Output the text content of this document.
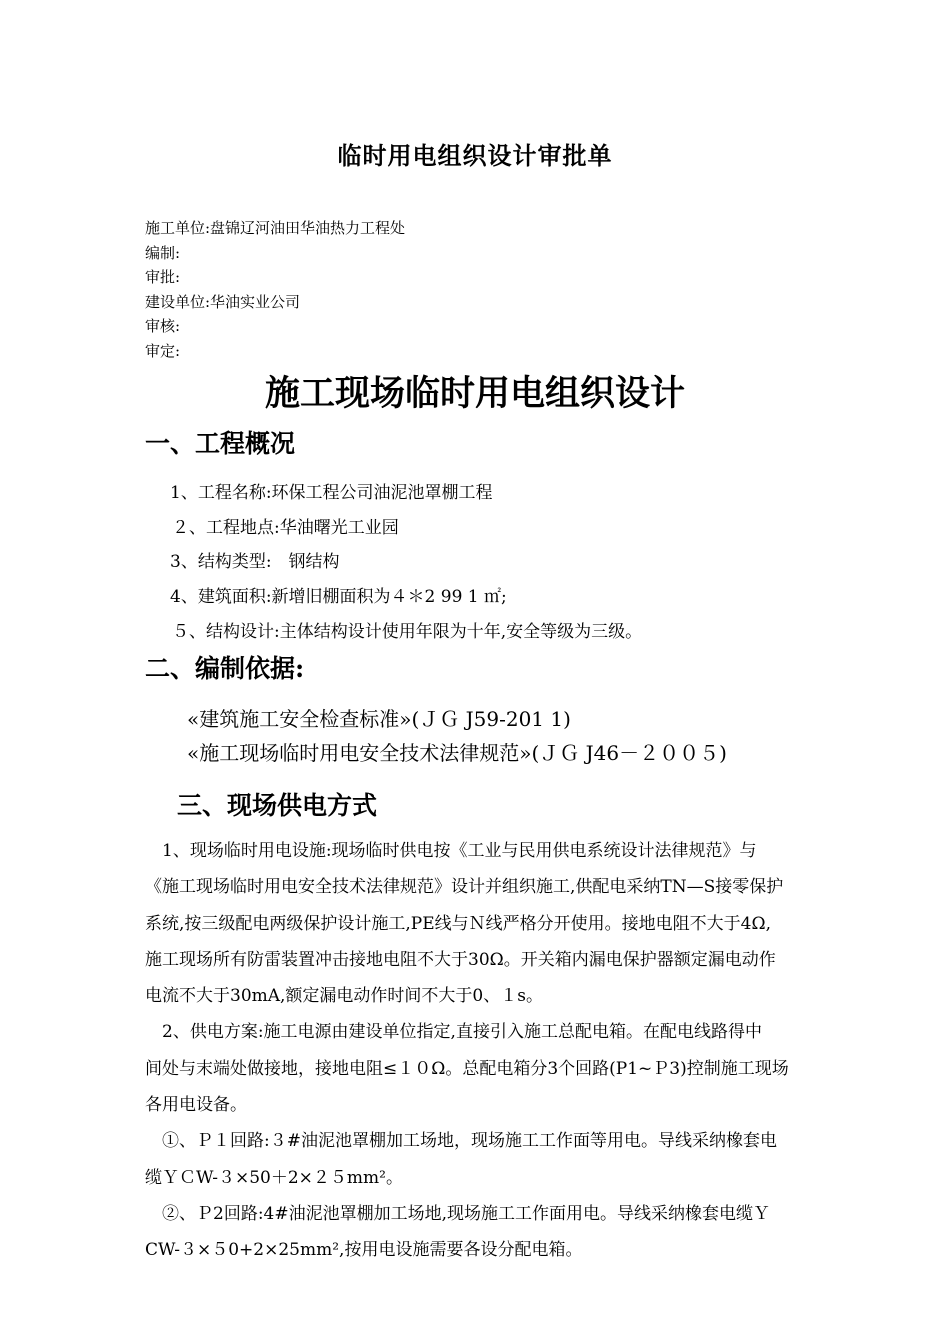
临时用电组织设计审批单
施工单位:盘锦辽河油田华油热力工程处
编制:
审批:
建设单位:华油实业公司
审核:
审定:
施工现场临时用电组织设计
一、工程概况
1、工程名称:环保工程公司油泥池罩棚工程
２、工程地点:华油曙光工业园
3、结构类型:　钢结构
4、建筑面积:新增旧棚面积为４＊2 99 1 ㎡;
５、结构设计:主体结构设计使用年限为十年,安全等级为三级。
二、编制依据:
«建筑施工安全检查标准»(ＪＧ J59-201 1)
«施工现场临时用电安全技术法律规范»(ＪＧ J46－２００５)
三、现场供电方式

　1、现场临时用电设施:现场临时供电按《工业与民用供电系统设计法律规范》与

《施工现场临时用电安全技术法律规范》设计并组织施工,供配电采纳TN—S接零保护

系统,按三级配电两级保护设计施工,PE线与Ｎ线严格分开使用。接地电阻不大于4Ω,

施工现场所有防雷装置冲击接地电阻不大于30Ω。开关箱内漏电保护器额定漏电动作

电流不大于30mA,额定漏电动作时间不大于0、１s。

　2、供电方案:施工电源由建设单位指定,直接引入施工总配电箱。在配电线路得中

间处与末端处做接地，接地电阻≤１０Ω。总配电箱分3个回路(P1~Ｐ3)控制施工现场

各用电设备。

　①、Ｐ１回路:３#油泥池罩棚加工场地，现场施工工作面等用电。导线采纳橡套电

缆ＹＣW-３×50＋2×２５mm²。

　②、Ｐ2回路:4#油泥池罩棚加工场地,现场施工工作面用电。导线采纳橡套电缆Ｙ

CW-３×５0+2×25mm²,按用电设施需要各设分配电箱。
